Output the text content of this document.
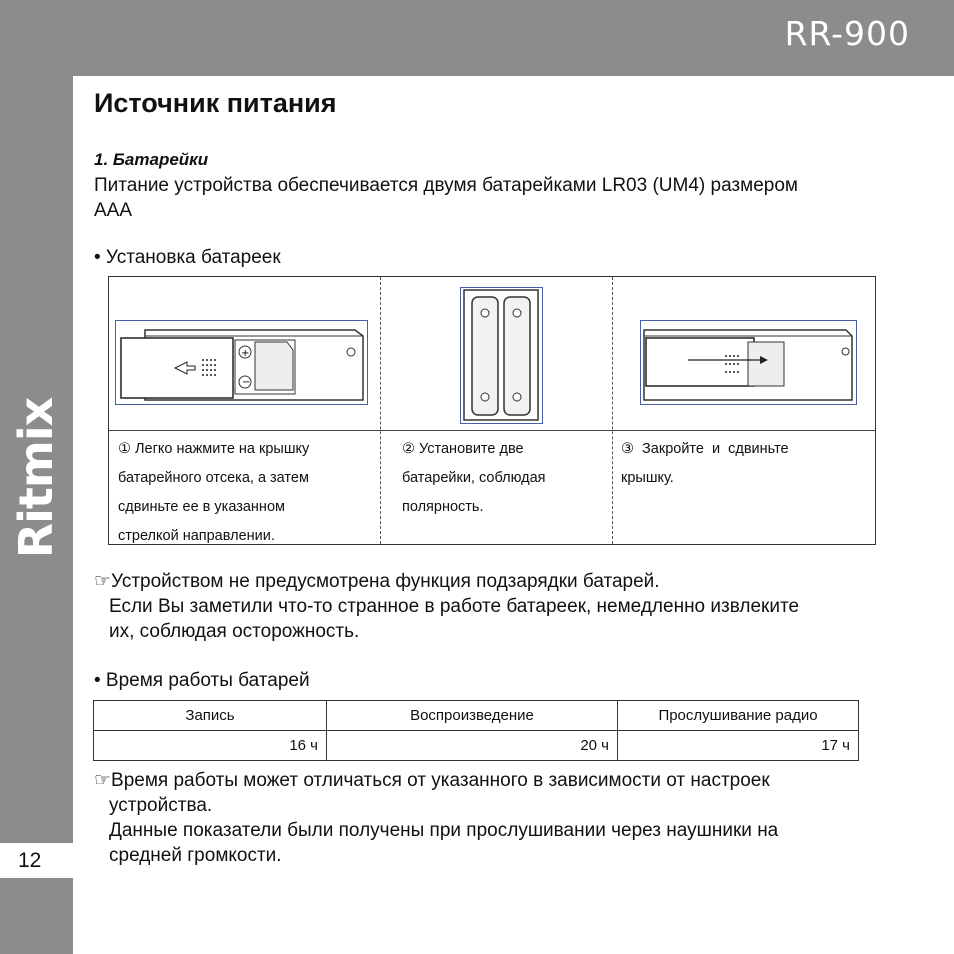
RR-900
Ritmix
12
Источник питания
1. Батарейки
Питание устройства обеспечивается двумя батарейками LR03 (UM4) размером
AAA
• Установка батареек
+
−
① Легко нажмите на крышку
батарейного отсека, а затем
сдвиньте ее в указанном
стрелкой направлении.
② Установите две
батарейки, соблюдая
полярность.
③ Закройте и сдвиньте
крышку.
☞Устройством не предусмотрена функция подзарядки батарей.
Если Вы заметили что-то странное в работе батареек, немедленно извлеките
их, соблюдая осторожность.
• Время работы батарей
Запись	Воспроизведение	Прослушивание радио
16 ч	20 ч	17 ч
☞Время работы может отличаться от указанного в зависимости от настроек
устройства.
Данные показатели были получены при прослушивании через наушники на
средней громкости.
